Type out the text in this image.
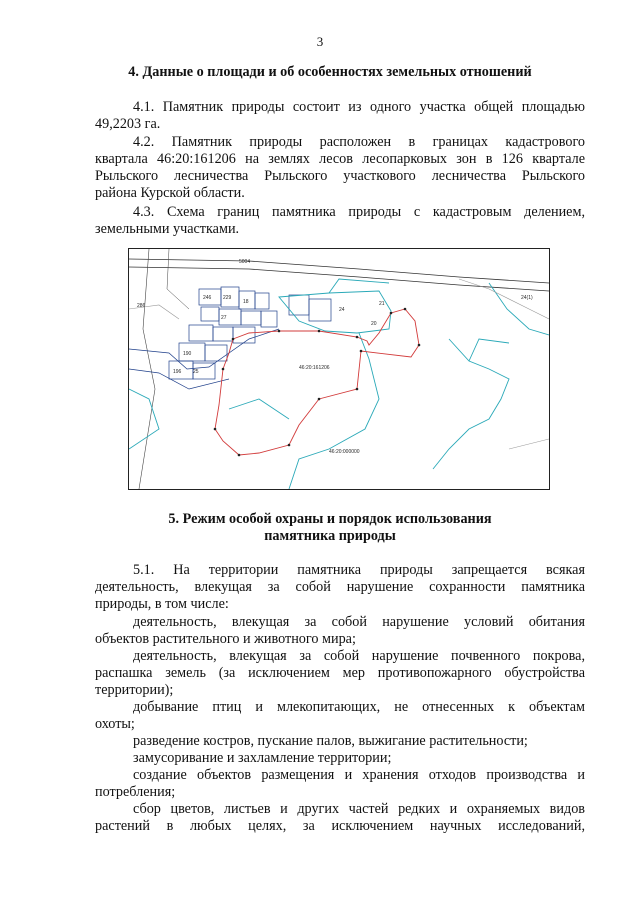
3
4. Данные о площади и об особенностях земельных отношений
4.1. Памятник природы состоит из одного участка общей площадью
49,2203 га.
4.2. Памятник природы расположен в границах кадастрового
квартала 46:20:161206 на землях лесов лесопарковых зон в 126 квартале
Рыльского лесничества Рыльского участкового лесничества Рыльского
района Курской области.
4.3. Схема границ памятника природы с кадастровым делением,
земельными участками.
5004
46:20:161206
46:20:000000
246 229
18
27
24
20
21
190
196
286
24(1)
25
5. Режим особой охраны и порядок использования
памятника природы
5.1. На территории памятника природы запрещается всякая
деятельность, влекущая за собой нарушение сохранности памятника
природы, в том числе:
деятельность, влекущая за собой нарушение условий обитания
объектов растительного и животного мира;
деятельность, влекущая за собой нарушение почвенного покрова,
распашка земель (за исключением мер противопожарного обустройства
территории);
добывание птиц и млекопитающих, не отнесенных к объектам
охоты;
разведение костров, пускание палов, выжигание растительности;
замусоривание и захламление территории;
создание объектов размещения и хранения отходов производства и
потребления;
сбор цветов, листьев и других частей редких и охраняемых видов
растений в любых целях, за исключением научных исследований,
